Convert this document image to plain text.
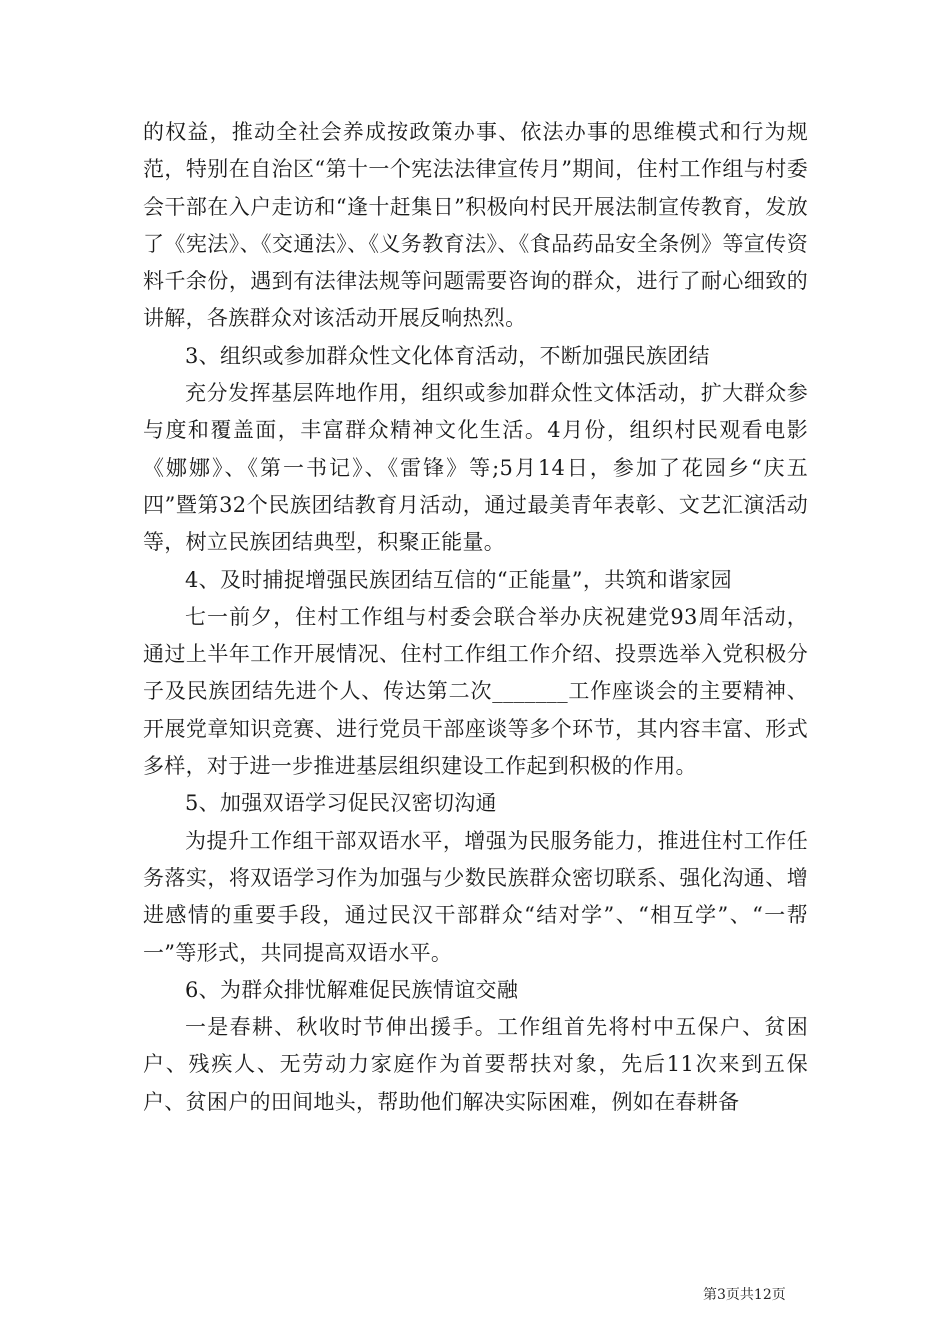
的权益，推动全社会养成按政策办事、依法办事的思维模式和行为规范，特别在自治区“第十一个宪法法律宣传月”期间，住村工作组与村委会干部在入户走访和“逢十赶集日”积极向村民开展法制宣传教育，发放了《宪法》、《交通法》、《义务教育法》、《食品药品安全条例》等宣传资料千余份，遇到有法律法规等问题需要咨询的群众，进行了耐心细致的讲解，各族群众对该活动开展反响热烈。

3、组织或参加群众性文化体育活动，不断加强民族团结

充分发挥基层阵地作用，组织或参加群众性文体活动，扩大群众参与度和覆盖面，丰富群众精神文化生活。4月份，组织村民观看电影《娜娜》、《第一书记》、《雷锋》等;5月14日，参加了花园乡“庆五四”暨第32个民族团结教育月活动，通过最美青年表彰、文艺汇演活动等，树立民族团结典型，积聚正能量。

4、及时捕捉增强民族团结互信的“正能量”，共筑和谐家园

七一前夕，住村工作组与村委会联合举办庆祝建党93周年活动，通过上半年工作开展情况、住村工作组工作介绍、投票选举入党积极分子及民族团结先进个人、传达第二次_______工作座谈会的主要精神、开展党章知识竞赛、进行党员干部座谈等多个环节，其内容丰富、形式多样，对于进一步推进基层组织建设工作起到积极的作用。

5、加强双语学习促民汉密切沟通

为提升工作组干部双语水平，增强为民服务能力，推进住村工作任务落实，将双语学习作为加强与少数民族群众密切联系、强化沟通、增进感情的重要手段，通过民汉干部群众“结对学”、“相互学”、“一帮一”等形式，共同提高双语水平。

6、为群众排忧解难促民族情谊交融

一是春耕、秋收时节伸出援手。工作组首先将村中五保户、贫困户、残疾人、无劳动力家庭作为首要帮扶对象，先后11次来到五保户、贫困户的田间地头，帮助他们解决实际困难，例如在春耕备

第3页共12页
